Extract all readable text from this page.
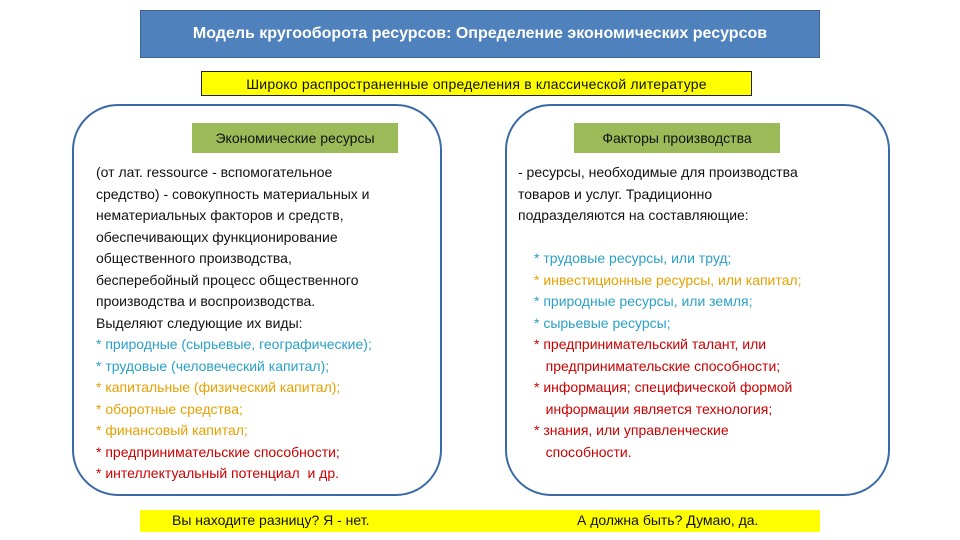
Модель кругооборота ресурсов: Определение экономических ресурсов
Широко распространенные определения в классической литературе
Экономические ресурсы
(от лат. ressource - вспомогательное
средство) - совокупность материальных и
нематериальных факторов и средств,
обеспечивающих функционирование
общественного производства,
бесперебойный процесс общественного
производства и воспроизводства.
Выделяют следующие их виды:
* природные (сырьевые, географические);
* трудовые (человеческий капитал);
* капитальные (физический капитал);
* оборотные средства;
* финансовый капитал;
* предпринимательские способности;
* интеллектуальный потенциал  и др.
Факторы производства
- ресурсы, необходимые для производства
товаров и услуг. Традиционно
подразделяются на составляющие:
* трудовые ресурсы, или труд;
* инвестиционные ресурсы, или капитал;
* природные ресурсы, или земля;
* сырьевые ресурсы;
* предпринимательский талант, или
предпринимательские способности;
* информация; специфической формой
информации является технология;
* знания, или управленческие
способности.
Вы находите разницу? Я - нет.	А должна быть? Думаю, да.
